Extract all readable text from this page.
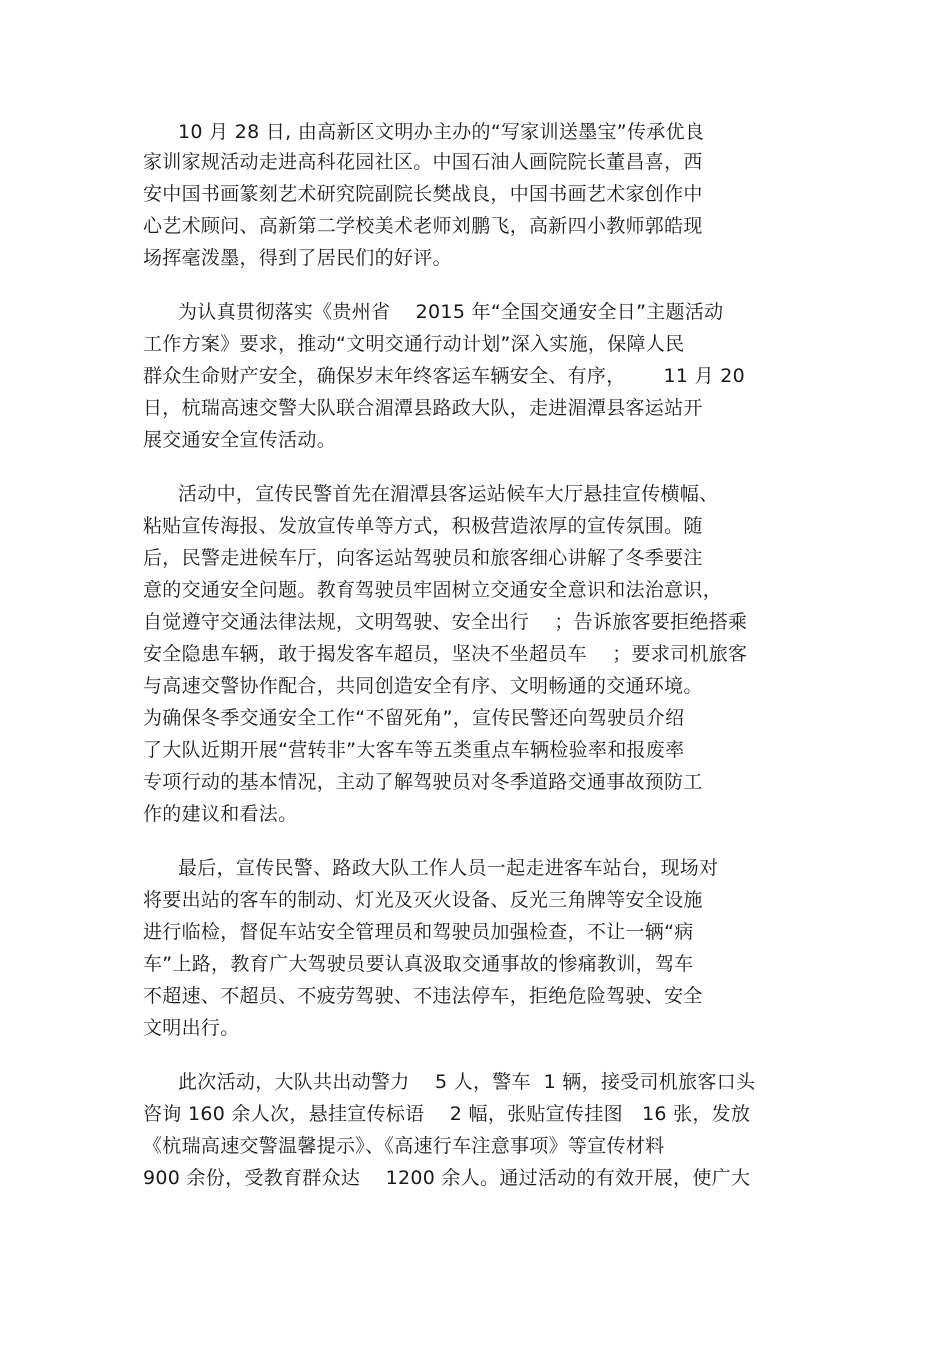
10 月 28 日, 由高新区文明办主办的“写家训送墨宝”传承优良
家训家规活动走进高科花园社区。中国石油人画院院长董昌喜，西
安中国书画篆刻艺术研究院副院长樊战良，中国书画艺术家创作中
心艺术顾问、高新第二学校美术老师刘鹏飞，高新四小教师郭皓现
场挥毫泼墨，得到了居民们的好评。
为认真贯彻落实《贵州省    2015 年“全国交通安全日”主题活动
工作方案》要求，推动“文明交通行动计划”深入实施，保障人民
群众生命财产安全，确保岁末年终客运车辆安全、有序，      11 月 20
日，杭瑞高速交警大队联合湄潭县路政大队，走进湄潭县客运站开
展交通安全宣传活动。
活动中，宣传民警首先在湄潭县客运站候车大厅悬挂宣传横幅、
粘贴宣传海报、发放宣传单等方式，积极营造浓厚的宣传氛围。随
后，民警走进候车厅，向客运站驾驶员和旅客细心讲解了冬季要注
意的交通安全问题。教育驾驶员牢固树立交通安全意识和法治意识，
自觉遵守交通法律法规，文明驾驶、安全出行    ；告诉旅客要拒绝搭乘
安全隐患车辆，敢于揭发客车超员，坚决不坐超员车    ；要求司机旅客
与高速交警协作配合，共同创造安全有序、文明畅通的交通环境。
为确保冬季交通安全工作“不留死角”，宣传民警还向驾驶员介绍
了大队近期开展“营转非”大客车等五类重点车辆检验率和报废率
专项行动的基本情况，主动了解驾驶员对冬季道路交通事故预防工
作的建议和看法。
最后，宣传民警、路政大队工作人员一起走进客车站台，现场对
将要出站的客车的制动、灯光及灭火设备、反光三角牌等安全设施
进行临检，督促车站安全管理员和驾驶员加强检查，不让一辆“病
车”上路，教育广大驾驶员要认真汲取交通事故的惨痛教训，驾车
不超速、不超员、不疲劳驾驶、不违法停车，拒绝危险驾驶、安全
文明出行。
此次活动，大队共出动警力    5 人，警车  1 辆，接受司机旅客口头
咨询 160 余人次，悬挂宣传标语    2 幅，张贴宣传挂图   16 张，发放
《杭瑞高速交警温馨提示》、《高速行车注意事项》等宣传材料
900 余份，受教育群众达    1200 余人。通过活动的有效开展，使广大
